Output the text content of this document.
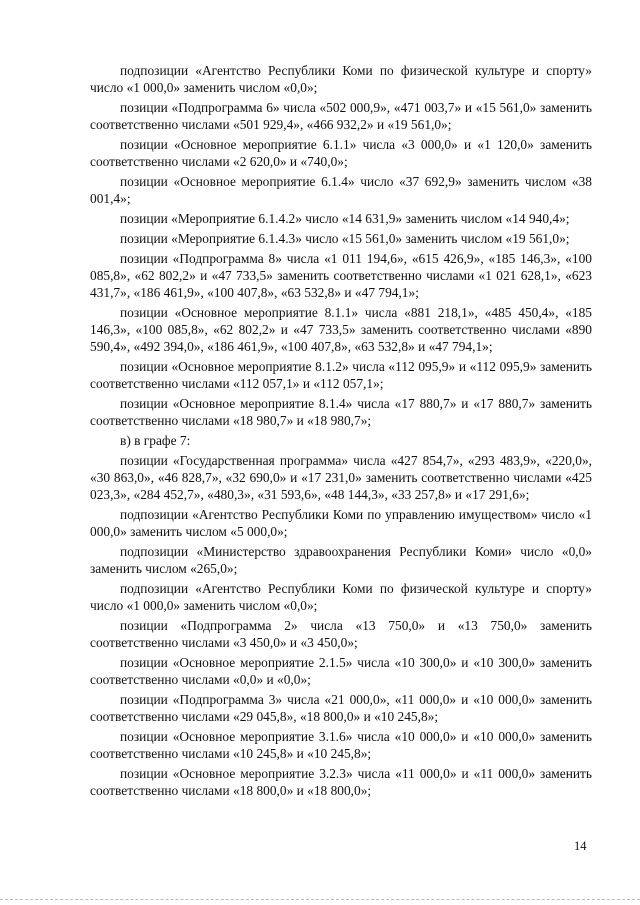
подпозиции «Агентство Республики Коми по физической культуре и спорту» число «1 000,0» заменить числом «0,0»;

позиции «Подпрограмма 6» числа «502 000,9», «471 003,7» и «15 561,0» заменить соответственно числами «501 929,4», «466 932,2» и «19 561,0»;

позиции «Основное мероприятие 6.1.1» числа «3 000,0» и «1 120,0» заменить соответственно числами «2 620,0» и «740,0»;

позиции «Основное мероприятие 6.1.4» число «37 692,9» заменить числом «38 001,4»;

позиции «Мероприятие 6.1.4.2» число «14 631,9» заменить числом «14 940,4»;

позиции «Мероприятие 6.1.4.3» число «15 561,0» заменить числом «19 561,0»;

позиции «Подпрограмма 8» числа «1 011 194,6», «615 426,9», «185 146,3», «100 085,8», «62 802,2» и «47 733,5» заменить соответственно числами «1 021 628,1», «623 431,7», «186 461,9», «100 407,8», «63 532,8» и «47 794,1»;

позиции «Основное мероприятие 8.1.1» числа «881 218,1», «485 450,4», «185 146,3», «100 085,8», «62 802,2» и «47 733,5» заменить соответственно числами «890 590,4», «492 394,0», «186 461,9», «100 407,8», «63 532,8» и «47 794,1»;

позиции «Основное мероприятие 8.1.2» числа «112 095,9» и «112 095,9» заменить соответственно числами «112 057,1» и «112 057,1»;

позиции «Основное мероприятие 8.1.4» числа «17 880,7» и «17 880,7» заменить соответственно числами «18 980,7» и «18 980,7»;

в) в графе 7:

позиции «Государственная программа» числа «427 854,7», «293 483,9», «220,0», «30 863,0», «46 828,7», «32 690,0» и «17 231,0» заменить соответственно числами «425 023,3», «284 452,7», «480,3», «31 593,6», «48 144,3», «33 257,8» и «17 291,6»;

подпозиции «Агентство Республики Коми по управлению имуществом» число «1 000,0» заменить числом «5 000,0»;

подпозиции «Министерство здравоохранения Республики Коми» число «0,0» заменить числом «265,0»;

подпозиции «Агентство Республики Коми по физической культуре и спорту» число «1 000,0» заменить числом «0,0»;

позиции «Подпрограмма 2» числа «13 750,0» и «13 750,0» заменить соответственно числами «3 450,0» и «3 450,0»;

позиции «Основное мероприятие 2.1.5» числа «10 300,0» и «10 300,0» заменить соответственно числами «0,0» и «0,0»;

позиции «Подпрограмма 3» числа «21 000,0», «11 000,0» и «10 000,0» заменить соответственно числами «29 045,8», «18 800,0» и «10 245,8»;

позиции «Основное мероприятие 3.1.6» числа «10 000,0» и «10 000,0» заменить соответственно числами «10 245,8» и «10 245,8»;

позиции «Основное мероприятие 3.2.3» числа «11 000,0» и «11 000,0» заменить соответственно числами «18 800,0» и «18 800,0»;

14
